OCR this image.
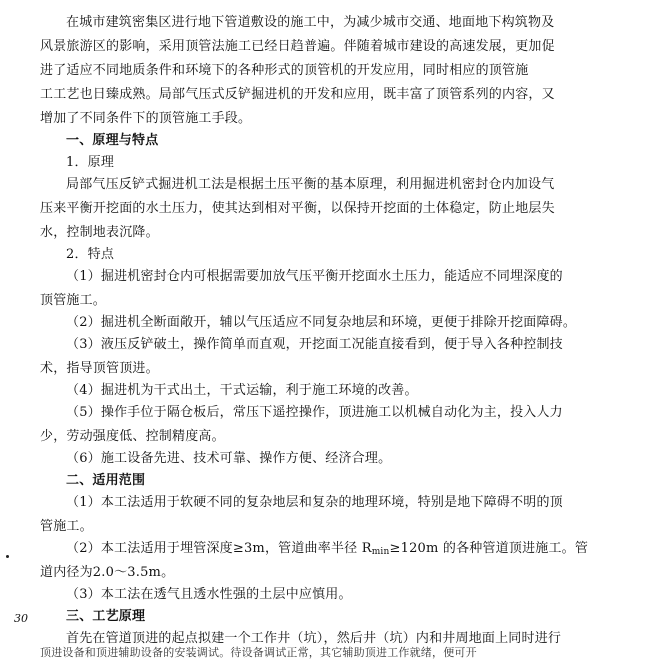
在城市建筑密集区进行地下管道敷设的施工中，为减少城市交通、地面地下构筑物及
风景旅游区的影响，采用顶管法施工已经日趋普遍。伴随着城市建设的高速发展，更加促
进了适应不同地质条件和环境下的各种形式的顶管机的开发应用，同时相应的顶管施
工工艺也日臻成熟。局部气压式反铲掘进机的开发和应用，既丰富了顶管系列的内容，又
增加了不同条件下的顶管施工手段。
一、原理与特点
1．原理
局部气压反铲式掘进机工法是根据土压平衡的基本原理，利用掘进机密封仓内加设气
压来平衡开挖面的水土压力，使其达到相对平衡，以保持开挖面的土体稳定，防止地层失
水，控制地表沉降。
2．特点
（1）掘进机密封仓内可根据需要加放气压平衡开挖面水土压力，能适应不同埋深度的
顶管施工。
（2）掘进机全断面敞开，辅以气压适应不同复杂地层和环境，更便于排除开挖面障碍。
（3）液压反铲破土，操作简单而直观，开挖面工况能直接看到，便于导入各种控制技
术，指导顶管顶进。
（4）掘进机为干式出土，干式运输，利于施工环境的改善。
（5）操作手位于隔仓板后，常压下遥控操作，顶进施工以机械自动化为主，投入人力
少，劳动强度低、控制精度高。
（6）施工设备先进、技术可靠、操作方便、经济合理。
二、适用范围
（1）本工法适用于软硬不同的复杂地层和复杂的地理环境，特别是地下障碍不明的顶
管施工。
（2）本工法适用于埋管深度≥3m，管道曲率半径 $R_{min}\ge 120m$ 的各种管道顶进施工。管
道内径为2.0～3.5m。
（3）本工法在透气且透水性强的土层中应慎用。
三、工艺原理
首先在管道顶进的起点拟建一个工作井（坑），然后井（坑）内和井周地面上同时进行
顶进设备和顶进辅助设备的安装调试。待设备调试正常，其它辅助顶进工作就绪，便可开
30
